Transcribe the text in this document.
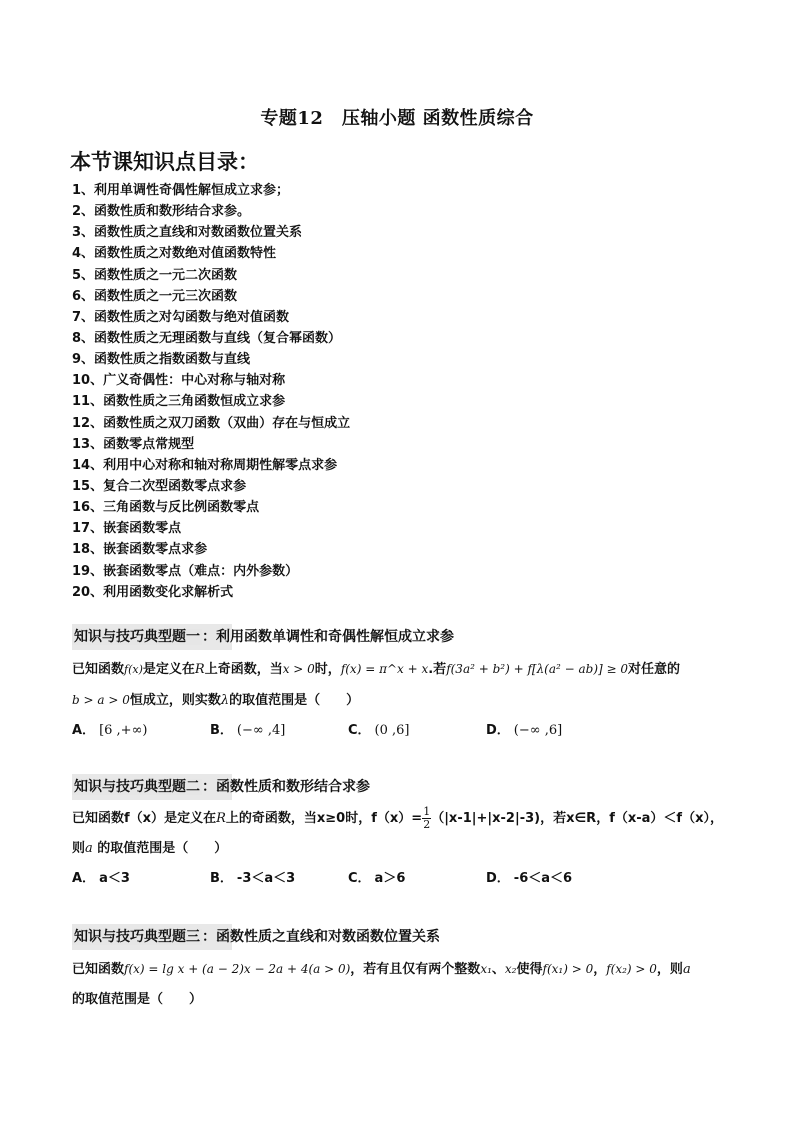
专题12　压轴小题 函数性质综合
本节课知识点目录：
1、利用单调性奇偶性解恒成立求参；
2、函数性质和数形结合求参。
3、函数性质之直线和对数函数位置关系
4、函数性质之对数绝对值函数特性
5、函数性质之一元二次函数
6、函数性质之一元三次函数
7、函数性质之对勾函数与绝对值函数
8、函数性质之无理函数与直线（复合幂函数）
9、函数性质之指数函数与直线
10、广义奇偶性：中心对称与轴对称
11、函数性质之三角函数恒成立求参
12、函数性质之双刀函数（双曲）存在与恒成立
13、函数零点常规型
14、利用中心对称和轴对称周期性解零点求参
15、复合二次型函数零点求参
16、三角函数与反比例函数零点
17、嵌套函数零点
18、嵌套函数零点求参
19、嵌套函数零点（难点：内外参数）
20、利用函数变化求解析式
知识与技巧典型题一 ：利用函数单调性和奇偶性解恒成立求参
已知函数f(x)是定义在R上奇函数，当x > 0时，f(x) = π^x + x.若f(3a² + b²) + f[λ(a² − ab)] ≥ 0对任意的
b > a > 0恒成立，则实数λ的取值范围是（　　）
A． [6 ,+∞)	B． (−∞ ,4]	C． (0 ,6]	D． (−∞ ,6]
知识与技巧典型题二 ：函数性质和数形结合求参
已知函数f（x）是定义在R上的奇函数，当x≥0时，$f(x)= \frac{1}{2} (|x-1|+|x-2|-3)$，若x∈R，f（x-a）＜f（x），
则a 的取值范围是（　　）
A． a＜3	B． -3＜a＜3	C． a＞6	D． -6＜a＜6
知识与技巧典型题三 ：函数性质之直线和对数函数位置关系
已知函数f(x) = lg x + (a − 2)x − 2a + 4(a > 0)，若有且仅有两个整数x₁、x₂使得f(x₁) > 0，f(x₂) > 0，则a
的取值范围是（　　）
